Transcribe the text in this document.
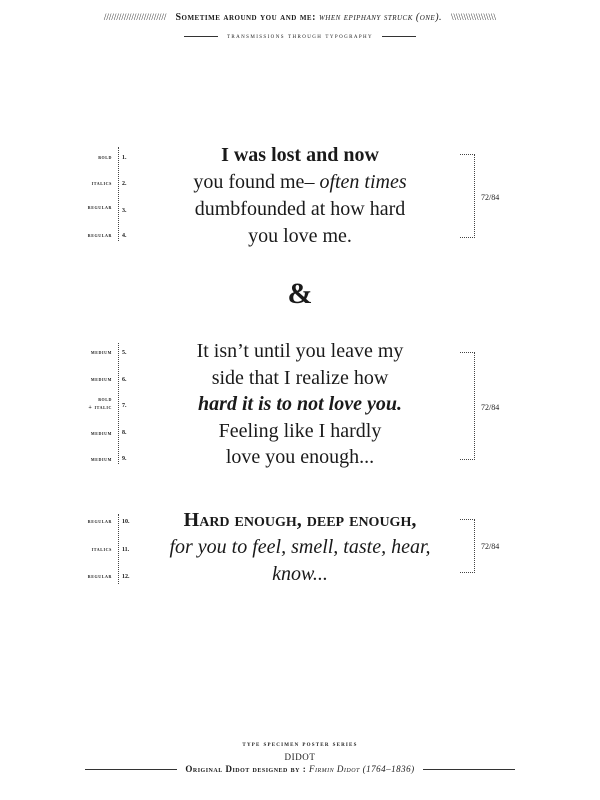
///////////////////////// Sometime around you and me: when epiphany struck (one). \\\\\\\\\\\\\\\\\\
transmissions through typography
bold 1.
italics 2.
regular 3.
regular 4.
I was lost and now
you found me– often times
dumbfounded at how hard
you love me.
72/84
&
medium 5.
medium 6.
bold
+ italic 7.
medium 8.
medium 9.
It isn’t until you leave my
side that I realize how
hard it is to not love you.
Feeling like I hardly
love you enough...
72/84
regular 10.
italics 11.
regular 12.
Hard enough, deep enough,
for you to feel, smell, taste, hear,
know...
72/84
type specimen poster series
DIDOT
Original Didot designed by : Firmin Didot (1764–1836)
